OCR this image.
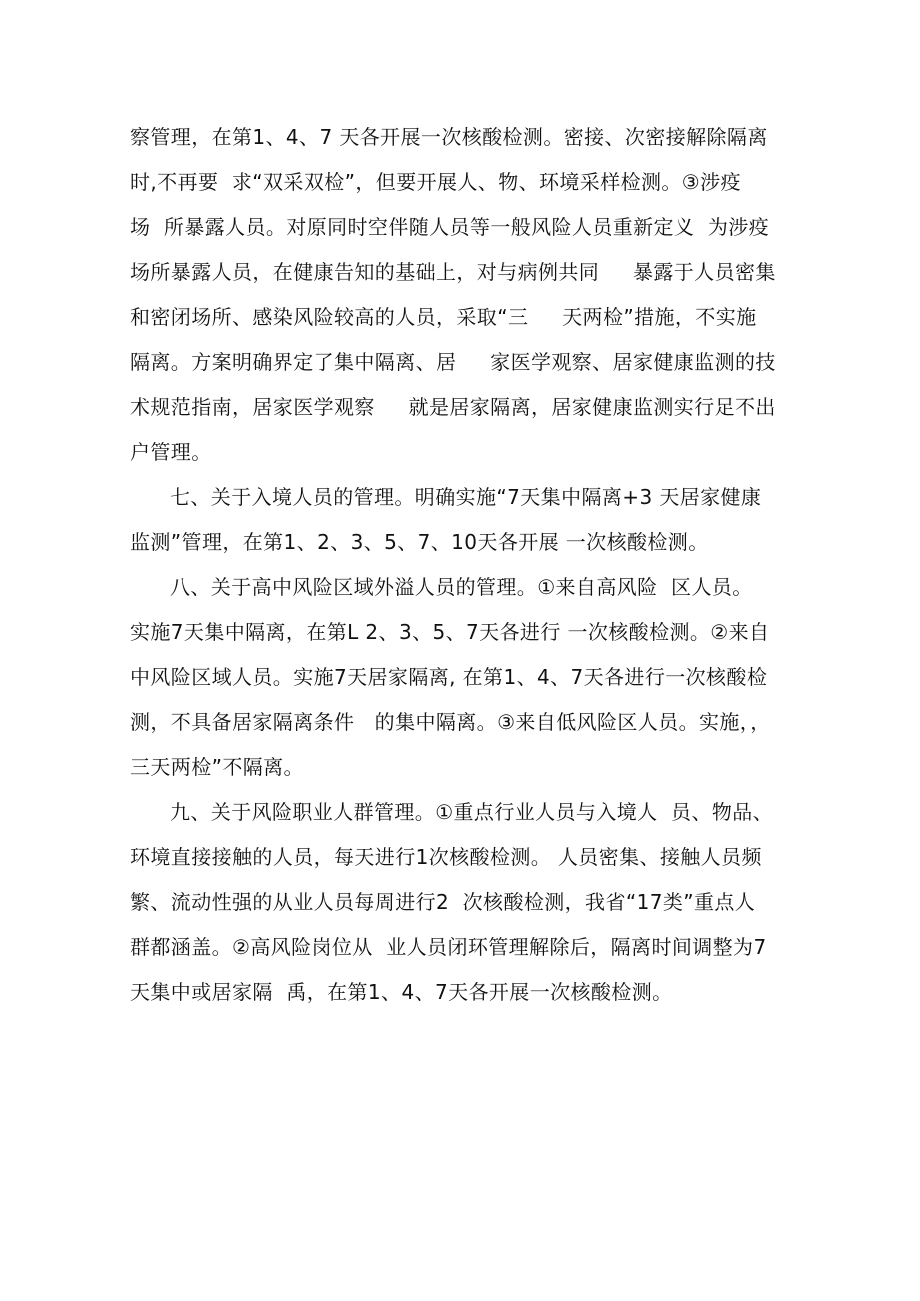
察管理，在第1、4、7 天各开展一次核酸检测。密接、次密接解除隔离
时,不再要  求“双采双检”，但要开展人、物、环境采样检测。③涉疫
场  所暴露人员。对原同时空伴随人员等一般风险人员重新定义  为涉疫
场所暴露人员，在健康告知的基础上，对与病例共同     暴露于人员密集
和密闭场所、感染风险较高的人员，采取“三     天两检”措施，不实施
隔离。方案明确界定了集中隔离、居     家医学观察、居家健康监测的技
术规范指南，居家医学观察     就是居家隔离，居家健康监测实行足不出
户管理。
七、关于入境人员的管理。明确实施“7天集中隔离+3 天居家健康
监测”管理，在第1、2、3、5、7、10天各开展 一次核酸检测。
八、关于高中风险区域外溢人员的管理。①来自高风险  区人员。
实施7天集中隔离，在第L 2、3、5、7天各进行 一次核酸检测。②来自
中风险区域人员。实施7天居家隔离, 在第1、4、7天各进行一次核酸检
测，不具备居家隔离条件   的集中隔离。③来自低风险区人员。实施，，
三天两检”不隔离。
九、关于风险职业人群管理。①重点行业人员与入境人  员、物品、
环境直接接触的人员，每天进行1次核酸检测。 人员密集、接触人员频
繁、流动性强的从业人员每周进行2  次核酸检测，我省“17类”重点人
群都涵盖。②高风险岗位从  业人员闭环管理解除后，隔离时间调整为7
天集中或居家隔  禹，在第1、4、7天各开展一次核酸检测。
